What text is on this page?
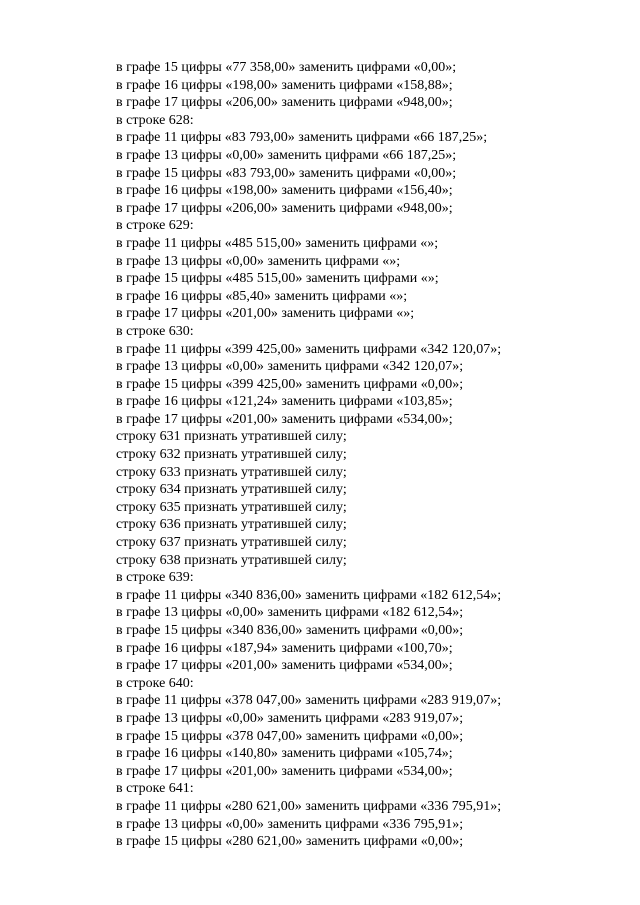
в графе 15 цифры «77 358,00» заменить цифрами «0,00»;
в графе 16 цифры «198,00» заменить цифрами «158,88»;
в графе 17 цифры «206,00» заменить цифрами «948,00»;
в строке 628:
в графе 11 цифры «83 793,00» заменить цифрами «66 187,25»;
в графе 13 цифры «0,00» заменить цифрами «66 187,25»;
в графе 15 цифры «83 793,00» заменить цифрами «0,00»;
в графе 16 цифры «198,00» заменить цифрами «156,40»;
в графе 17 цифры «206,00» заменить цифрами «948,00»;
в строке 629:
в графе 11 цифры «485 515,00» заменить цифрами «»;
в графе 13 цифры «0,00» заменить цифрами «»;
в графе 15 цифры «485 515,00» заменить цифрами «»;
в графе 16 цифры «85,40» заменить цифрами «»;
в графе 17 цифры «201,00» заменить цифрами «»;
в строке 630:
в графе 11 цифры «399 425,00» заменить цифрами «342 120,07»;
в графе 13 цифры «0,00» заменить цифрами «342 120,07»;
в графе 15 цифры «399 425,00» заменить цифрами «0,00»;
в графе 16 цифры «121,24» заменить цифрами «103,85»;
в графе 17 цифры «201,00» заменить цифрами «534,00»;
строку 631 признать утратившей силу;
строку 632 признать утратившей силу;
строку 633 признать утратившей силу;
строку 634 признать утратившей силу;
строку 635 признать утратившей силу;
строку 636 признать утратившей силу;
строку 637 признать утратившей силу;
строку 638 признать утратившей силу;
в строке 639:
в графе 11 цифры «340 836,00» заменить цифрами «182 612,54»;
в графе 13 цифры «0,00» заменить цифрами «182 612,54»;
в графе 15 цифры «340 836,00» заменить цифрами «0,00»;
в графе 16 цифры «187,94» заменить цифрами «100,70»;
в графе 17 цифры «201,00» заменить цифрами «534,00»;
в строке 640:
в графе 11 цифры «378 047,00» заменить цифрами «283 919,07»;
в графе 13 цифры «0,00» заменить цифрами «283 919,07»;
в графе 15 цифры «378 047,00» заменить цифрами «0,00»;
в графе 16 цифры «140,80» заменить цифрами «105,74»;
в графе 17 цифры «201,00» заменить цифрами «534,00»;
в строке 641:
в графе 11 цифры «280 621,00» заменить цифрами «336 795,91»;
в графе 13 цифры «0,00» заменить цифрами «336 795,91»;
в графе 15 цифры «280 621,00» заменить цифрами «0,00»;
